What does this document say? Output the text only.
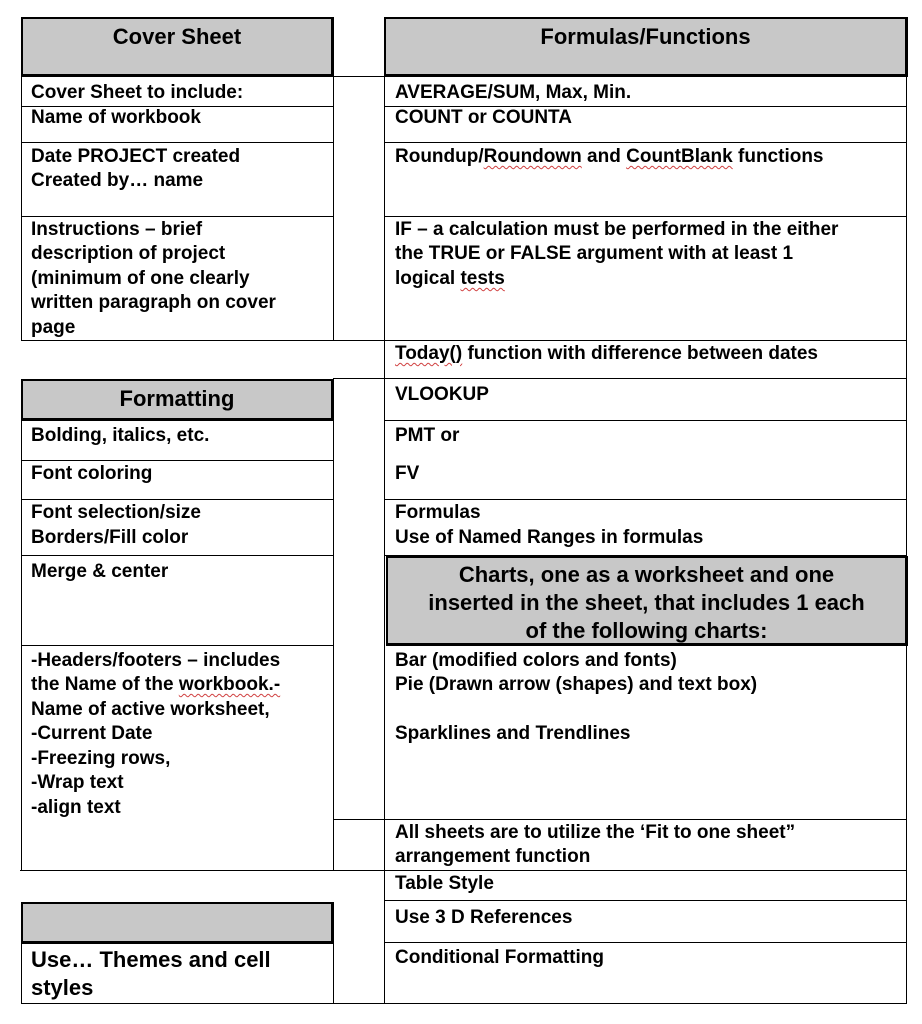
Cover Sheet	Formulas/Functions
Formatting
Charts, one as a worksheet and one
inserted in the sheet, that includes 1 each
of the following charts:
Cover Sheet to include:
Name of workbook
Date PROJECT created
Created by… name
Instructions – brief
description of project
(minimum of one clearly
written paragraph on cover
page
Bolding, italics, etc.
Font coloring
Font selection/size
Borders/Fill color
Merge & center
-Headers/footers – includes
the Name of the workbook.-
Name of active worksheet,
-Current Date
-Freezing rows,
-Wrap text
-align text
Use… Themes and cell
styles
AVERAGE/SUM, Max, Min.
COUNT or COUNTA
Roundup/Roundown and CountBlank functions
IF – a calculation must be performed in the either
the TRUE or FALSE argument with at least 1
logical tests
Today() function with difference between dates
VLOOKUP
PMT or
FV
Formulas
Use of Named Ranges in formulas
Bar (modified colors and fonts)
Pie (Drawn arrow (shapes) and text box)
Sparklines and Trendlines
All sheets are to utilize the ‘Fit to one sheet”
arrangement function
Table Style
Use 3 D References
Conditional Formatting
